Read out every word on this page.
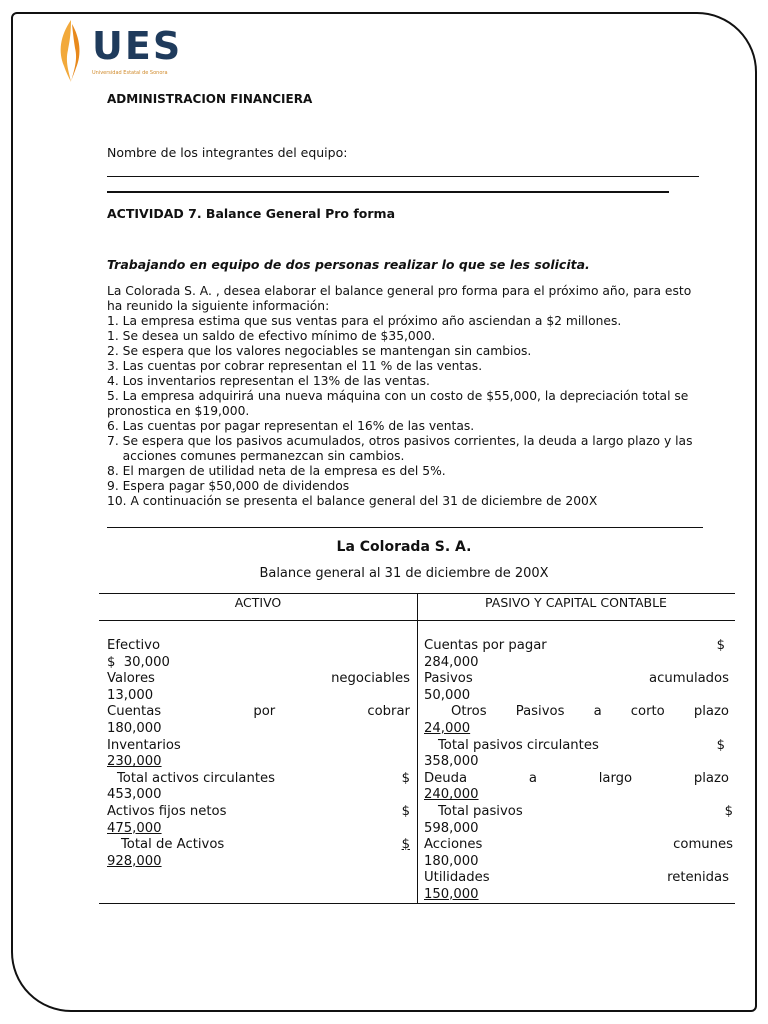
UES
Universidad Estatal de Sonora
ADMINISTRACION FINANCIERA
Nombre de los integrantes del equipo:
ACTIVIDAD 7. Balance General Pro forma
Trabajando en equipo de dos personas realizar lo que se les solicita.
La Colorada S. A. , desea elaborar el balance general pro forma para el próximo año, para esto
ha reunido la siguiente información:
1. La empresa estima que sus ventas para el próximo año asciendan a $2 millones.
1. Se desea un saldo de efectivo mínimo de $35,000.
2. Se espera que los valores negociables se mantengan sin cambios.
3. Las cuentas por cobrar representan el 11 % de las ventas.
4. Los inventarios representan el 13% de las ventas.
5. La empresa adquirirá una nueva máquina con un costo de $55,000, la depreciación total se
pronostica en $19,000.
6. Las cuentas por pagar representan el 16% de las ventas.
7. Se espera que los pasivos acumulados, otros pasivos corrientes, la deuda a largo plazo y las
acciones comunes permanezcan sin cambios.
8. El margen de utilidad neta de la empresa es del 5%.
9. Espera pagar $50,000 de dividendos
10. A continuación se presenta el balance general del 31 de diciembre de 200X
La Colorada S. A.
Balance general al 31 de diciembre de 200X
ACTIVO	PASIVO Y CAPITAL CONTABLE
Efectivo
$  30,000
Valores	negociables
13,000
Cuentas	por	cobrar
180,000
Inventarios
230,000
Total activos circulantes	$
453,000
Activos fijos netos	$
475,000
Total de Activos	$
928,000
Cuentas por pagar	$
284,000
Pasivos	acumulados
50,000
Otros Pasivos a corto plazo
24,000
Total pasivos circulantes	$
358,000
Deuda	a	largo	plazo
240,000
Total pasivos	$
598,000
Acciones	comunes
180,000
Utilidades	retenidas
150,000
